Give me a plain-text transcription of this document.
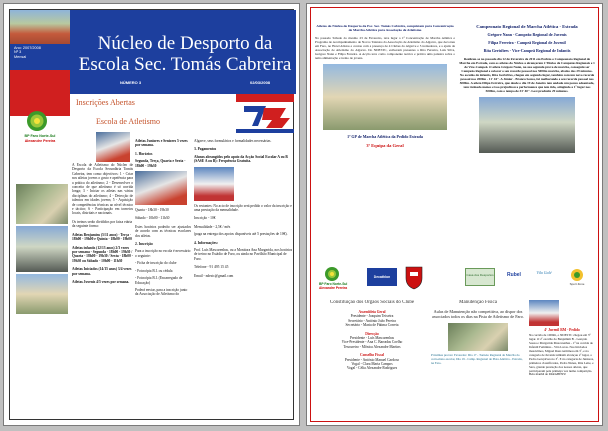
Ano: 2007/2008
Nº 3
Mensal
Núcleo de Desporto da
Escola Sec. Tomás Cabreira
NÚMERO 3	02/03/2008
BP Faro Norte-Sul
Alexandre Pereira
Inscrições Abertas
Escola de Atletismo
A Escola de Atletismo do Núcleo de Desporto da Escola Secundária Tomás Cabreira, tem como objectivos: 1 - Criar nos atletas jovens o gosto e apetência para a prática do atletismo; 2 - Desenvolver o conceito de que atletismo é só corrida longa; 3 - Iniciar os atletas nas várias disciplinas do atletismo; 4 - Detecção de talentos em idades jovens; 5 - Aquisição de competências técnicas ao nível técnico e táctico; 6 - Participação em torneios locais, distritais e nacionais.
Os treinos serão divididos por faixa etária da seguinte forma:
Atletas Benjamins (5/11 anos) - Terça - 18h00 - 19h00 e Quinta - 18h00 - 19h00
Atletas infantis (12/13 anos) 2/3 vezes por semana - Segunda - 18h00 - 19h30 / Quarta - 18h00 - 19h30 / Sexta - 18h00 - 19h30 ou Sábado - 10h00 - 11h30
Atletas Iniciados (14/15 anos) 3/4 vezes por semana.
Atletas Juvenis 4/5 vezes por semana.
Atletas Juniores e Seniores 5 vezes por semana.
1. Horários
Segunda, Terça, Quarta e Sexta - 18h00 - 19h30
Quarta - 18h30 - 19h30
Sábado - 10h00 - 11h30
Estes horários poderão ser ajustados de acordo com as técnicas escolares dos atletas.
2. Inscrição
Para a inscrição no escola é necessário o seguinte:
- Ficha de inscrição do clube
- Fotocópia B.I. ou cédula
- Fotocópia B.I. (Encarregado de Educação)
Poderá enviar, para a inscrição junto da Associação de Atletismo do
Algarve, seus formulários e formalidades necessárias.
3. Pagamentos
Alunos abrangidos pelo apoio da Acção Social Escolar A ou B (SASE A ou B): Frequência Gratuita.
Os restantes: No acto de inscrição será pedido o valor da inscrição e uma prestação da mensalidade.
Inscrição - 10€
Mensalidade - 2,5€ / mês
(paga na entrega dos apoios disponíveis até 5 prestações de 10€).
4. Informações:
Prof. Luís Mascarenhas, ou a Monitora Ana Margarida, nos horários de treino no Estádio de Faro, ou ainda no Pavilhão Municipal de Faro.
Telefone - 91 495 15 45
Email - ndestc@gmail.com
Atletas do Núcleo do Desporto da Esc. Sec. Tomás Cabreira, conquistam para Concentração de Marcha Atlética para Associação de Atletismo
No passado Sábado do mesmo 23 de Fevereiro, teve lugar a 1ª Concentração de Marcha Atlética e Programa de Acompanhamento de Novos Talentos da Associação de Atletismo do Algarve, que decorreu em Faro, no Hotel Alisios e contou com a presença de 4 Clubes do Algarve e 5 treinadores, e a ajuda da Associação de Atletismo do Algarve. Do NDESTC, estiveram presentes a Rita Ferreira, Luís Silva, Grégore Nann e Filipa Ferreira. A Acção teve como componente teórica e prática uma palestra sobre o tema alimentação e treino de jovens.
1º GP de Marcha Atlética da Pedido Estrada
3ª Equipa da Geral
Campeonato Regional de Marcha Atlética - Estrada
Grégore Nann - Campeão Regional de Juvenis
Filipa Ferreira - Campeã Regional de Juvenil
Rita Gerisfires - Vice-Campeã Regional de Infantis
Realizou-se no passado dia 12 de Fevereiro de 2011 em Pechão o Campeonato Regional de Marcha em Estrada, com os atletas do Núcleo a alcançarem 2 Títulos de Campeões Regionais e 1 de Vice-Campeã. O atleta Grégore Nann, na sua segunda prova de marcha, conseguiu ser Campeão Regional e colocar o seu recorde pessoal nos 5000m marcha, abaixo dos 29 minutos. No escalão de infantis, Rita Gerisfires, chegou em segundo lugar, também com um novo recorde pessoal nos 2000m - 11' 44". A Júnior - Branca Sousa, foi melhorando e seu recorde pessoal nos 5000m. A atleta Filipa Ferreira, que desde o dia 19 de Janeiro tem andado um pouco adoentada, tem treinado menos e isso prejudicou a performance que tem tido, atingindo a 1º lugar nos 5000m, com o tempo de 33' 40". Lost produziu 29 minutos.
BP Faro Norte-Sul
Alexandre Pereira
Decathlon	Casa dos Desportos	Rubel	Vila Galé
Sport Zone
Constituição dos Órgãos Sociais do Clube
Assembleia Geral
Presidente - Joaquim Teixeira
Secretário - António João Pereira
Secretário - Maria de Fátima Correia
Direcção
Presidente - Luís Mascarenhas
Vice-Presidente - Ana C. Barradas Coelho
Tesoureiro - Mônica Alexandre Martins
Conselho Fiscal
Presidente - António Manuel Cardoso
Vogal - Clara Maria Campos
Vogal - Célia Alexandre Rodrigues
Manutenção Física
Aulas de Manutenção não competitiva, ao dispor dos associados todos os dias na Pista de Atletismo de Faro.
Próximas provas: Fevereiro: Dia 17 - Torneio Regional de Marcha do corta-mato escolar, Dia 19 - Camp. Regional de Pista Atlética - Estrada, na Faro.
4º Juvenil RM - Pedido
Na corrida de 1000m, o NDESTC chegou em 3ª lugar. O 2º escalão do Benjamim B - Gonçalo Sousa e Margarida Mascarenhas - 1ª na corrida do Infantil Feminino - Vitó Lucas. Nos Iniciados masculinos, Miguel Ruas terminou em 3º, e na categoria de Juvenis também alcançou 2º lugar, a Pedro Gonçalves no 3º. E na categoria de Juniores, primeiros classificados, Pedro Nunes, Rita Leite, e Sara, grande prestação dos nossos atletas, que participaram pela primeira vez numa competição. Bela manhã de PARABÉNS!
